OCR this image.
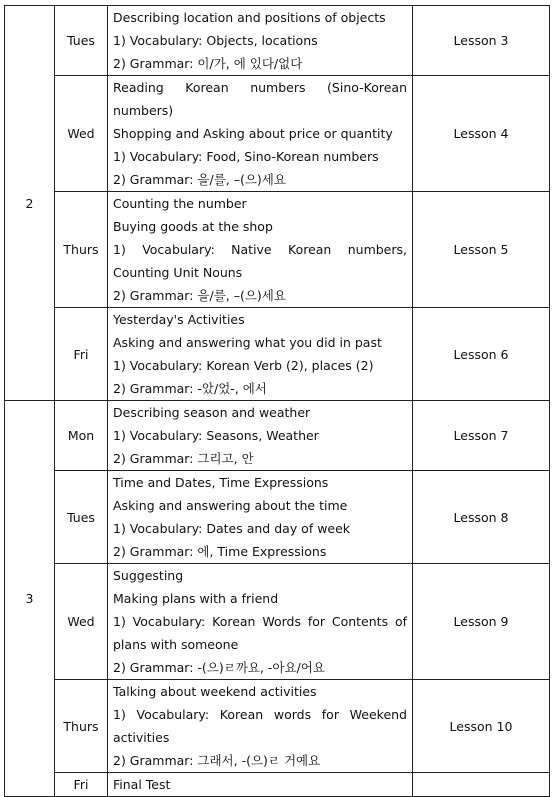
2	Tues	Describing location and positions of objects
1) Vocabulary: Objects, locations
2) Grammar: 이/가, 에 있다/없다	Lesson 3
	Wed	Reading Korean numbers (Sino-Korean numbers)
Shopping and Asking about price or quantity
1) Vocabulary: Food, Sino-Korean numbers
2) Grammar: 을/를, –(으)세요	Lesson 4
	Thurs	Counting the number
Buying goods at the shop
1) Vocabulary: Native Korean numbers, Counting Unit Nouns
2) Grammar: 을/를, –(으)세요	Lesson 5
	Fri	Yesterday's Activities
Asking and answering what you did in past
1) Vocabulary: Korean Verb (2), places (2)
2) Grammar: -았/었-, 에서	Lesson 6
3	Mon	Describing season and weather
1) Vocabulary: Seasons, Weather
2) Grammar: 그리고, 안	Lesson 7
	Tues	Time and Dates, Time Expressions
Asking and answering about the time
1) Vocabulary: Dates and day of week
2) Grammar: 에, Time Expressions	Lesson 8
	Wed	Suggesting
Making plans with a friend
1) Vocabulary: Korean Words for Contents of plans with someone
2) Grammar: -(으)ㄹ까요, -아요/어요	Lesson 9
	Thurs	Talking about weekend activities
1) Vocabulary: Korean words for Weekend activities
2) Grammar: 그래서, -(으)ㄹ 거예요	Lesson 10
	Fri	Final Test	
